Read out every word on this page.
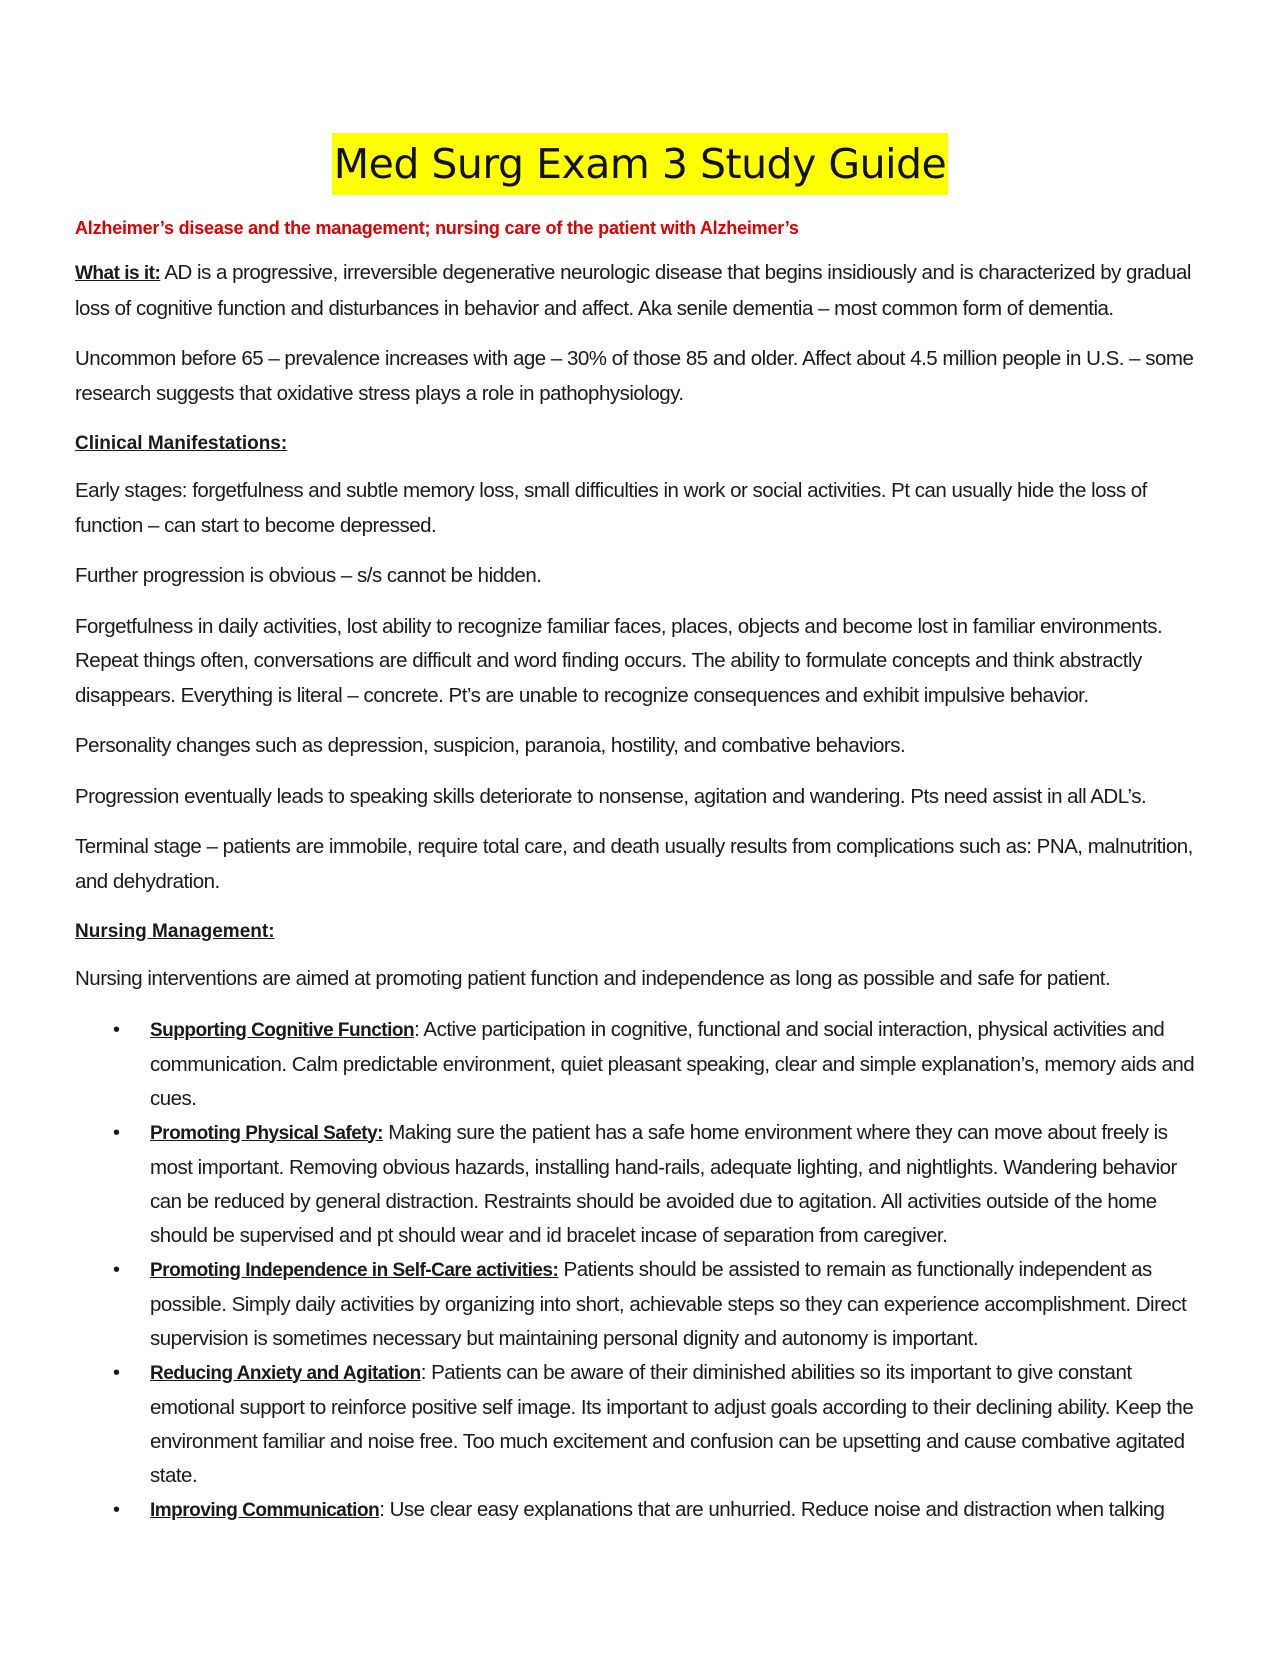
Med Surg Exam 3 Study Guide
Alzheimer’s disease and the management; nursing care of the patient with Alzheimer’s

What is it: AD is a progressive, irreversible degenerative neurologic disease that begins insidiously and is characterized by gradual loss of cognitive function and disturbances in behavior and affect. Aka senile dementia – most common form of dementia.

Uncommon before 65 – prevalence increases with age – 30% of those 85 and older. Affect about 4.5 million people in U.S. – some research suggests that oxidative stress plays a role in pathophysiology.

Clinical Manifestations:

Early stages: forgetfulness and subtle memory loss, small difficulties in work or social activities. Pt can usually hide the loss of function – can start to become depressed.

Further progression is obvious – s/s cannot be hidden.

Forgetfulness in daily activities, lost ability to recognize familiar faces, places, objects and become lost in familiar environments. Repeat things often, conversations are difficult and word finding occurs. The ability to formulate concepts and think abstractly disappears. Everything is literal – concrete. Pt’s are unable to recognize consequences and exhibit impulsive behavior.

Personality changes such as depression, suspicion, paranoia, hostility, and combative behaviors.

Progression eventually leads to speaking skills deteriorate to nonsense, agitation and wandering. Pts need assist in all ADL’s.

Terminal stage – patients are immobile, require total care, and death usually results from complications such as: PNA, malnutrition, and dehydration.

Nursing Management:

Nursing interventions are aimed at promoting patient function and independence as long as possible and safe for patient.

• Supporting Cognitive Function: Active participation in cognitive, functional and social interaction, physical activities and communication. Calm predictable environment, quiet pleasant speaking, clear and simple explanation’s, memory aids and cues.
• Promoting Physical Safety: Making sure the patient has a safe home environment where they can move about freely is most important. Removing obvious hazards, installing hand-rails, adequate lighting, and nightlights. Wandering behavior can be reduced by general distraction. Restraints should be avoided due to agitation. All activities outside of the home should be supervised and pt should wear and id bracelet incase of separation from caregiver.
• Promoting Independence in Self-Care activities: Patients should be assisted to remain as functionally independent as possible. Simply daily activities by organizing into short, achievable steps so they can experience accomplishment. Direct supervision is sometimes necessary but maintaining personal dignity and autonomy is important.
• Reducing Anxiety and Agitation: Patients can be aware of their diminished abilities so its important to give constant emotional support to reinforce positive self image. Its important to adjust goals according to their declining ability. Keep the environment familiar and noise free. Too much excitement and confusion can be upsetting and cause combative agitated state.
• Improving Communication: Use clear easy explanations that are unhurried. Reduce noise and distraction when talking
